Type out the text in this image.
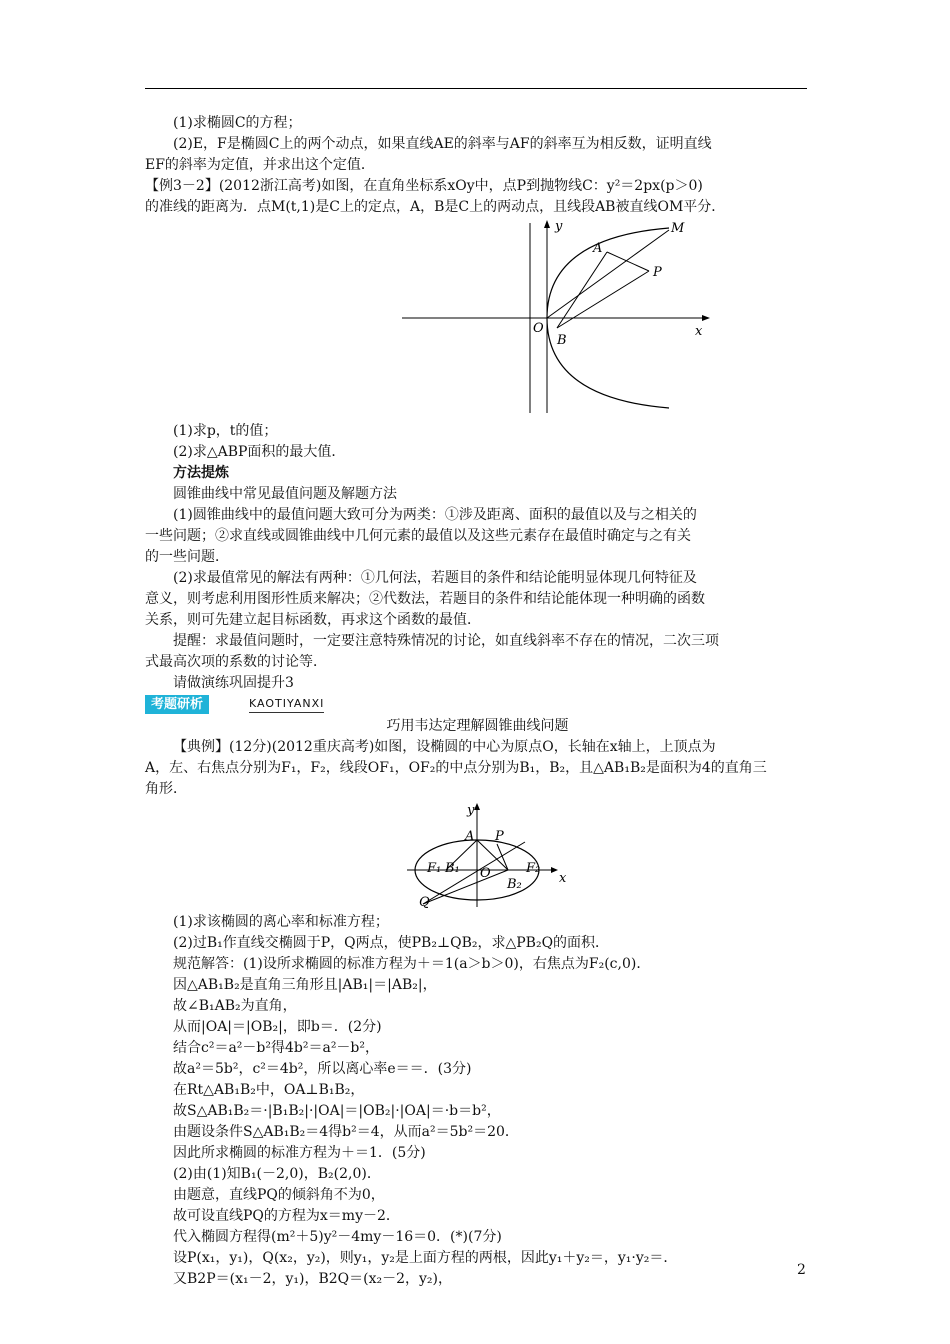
(1)求椭圆C的方程；
(2)E，F是椭圆C上的两个动点，如果直线AE的斜率与AF的斜率互为相反数，证明直线
EF的斜率为定值，并求出这个定值．
【例3－2】(2012浙江高考)如图，在直角坐标系xOy中，点P到抛物线C：y²＝2px(p＞0)
的准线的距离为．点M(t,1)是C上的定点，A，B是C上的两动点，且线段AB被直线OM平分．
y
x
O
A
B
M
P
(1)求p，t的值；
(2)求△ABP面积的最大值．
方法提炼
圆锥曲线中常见最值问题及解题方法
(1)圆锥曲线中的最值问题大致可分为两类：①涉及距离、面积的最值以及与之相关的
一些问题；②求直线或圆锥曲线中几何元素的最值以及这些元素存在最值时确定与之有关
的一些问题．
(2)求最值常见的解法有两种：①几何法，若题目的条件和结论能明显体现几何特征及
意义，则考虑利用图形性质来解决；②代数法，若题目的条件和结论能体现一种明确的函数
关系，则可先建立起目标函数，再求这个函数的最值．
提醒：求最值问题时，一定要注意特殊情况的讨论，如直线斜率不存在的情况，二次三项
式最高次项的系数的讨论等．
请做演练巩固提升3
考题研析	KAOTIYANXI
巧用韦达定理解圆锥曲线问题
【典例】(12分)(2012重庆高考)如图，设椭圆的中心为原点O，长轴在x轴上，上顶点为
A，左、右焦点分别为F₁，F₂，线段OF₁，OF₂的中点分别为B₁，B₂，且△AB₁B₂是面积为4的直角三
角形．
y
x
O
A P
Q
F₁	F₂
B₁
B₂
(1)求该椭圆的离心率和标准方程；
(2)过B₁作直线交椭圆于P，Q两点，使PB₂⊥QB₂，求△PB₂Q的面积．
规范解答：(1)设所求椭圆的标准方程为＋＝1(a＞b＞0)，右焦点为F₂(c,0)．
因△AB₁B₂是直角三角形且|AB₁|＝|AB₂|，
故∠B₁AB₂为直角，
从而|OA|＝|OB₂|，即b＝．(2分)
结合c²＝a²－b²得4b²＝a²－b²，
故a²＝5b²，c²＝4b²，所以离心率e＝＝．(3分)
在Rt△AB₁B₂中，OA⊥B₁B₂，
故S△AB₁B₂＝·|B₁B₂|·|OA|＝|OB₂|·|OA|＝·b＝b²，
由题设条件S△AB₁B₂＝4得b²＝4，从而a²＝5b²＝20．
因此所求椭圆的标准方程为＋＝1．(5分)
(2)由(1)知B₁(－2,0)，B₂(2,0)．
由题意，直线PQ的倾斜角不为0，
故可设直线PQ的方程为x＝my－2．
代入椭圆方程得(m²＋5)y²－4my－16＝0．(*)(7分)
设P(x₁，y₁)，Q(x₂，y₂)，则y₁，y₂是上面方程的两根，因此y₁＋y₂＝，y₁·y₂＝．
又B2P＝(x₁－2，y₁)，B2Q＝(x₂－2，y₂)，
2
